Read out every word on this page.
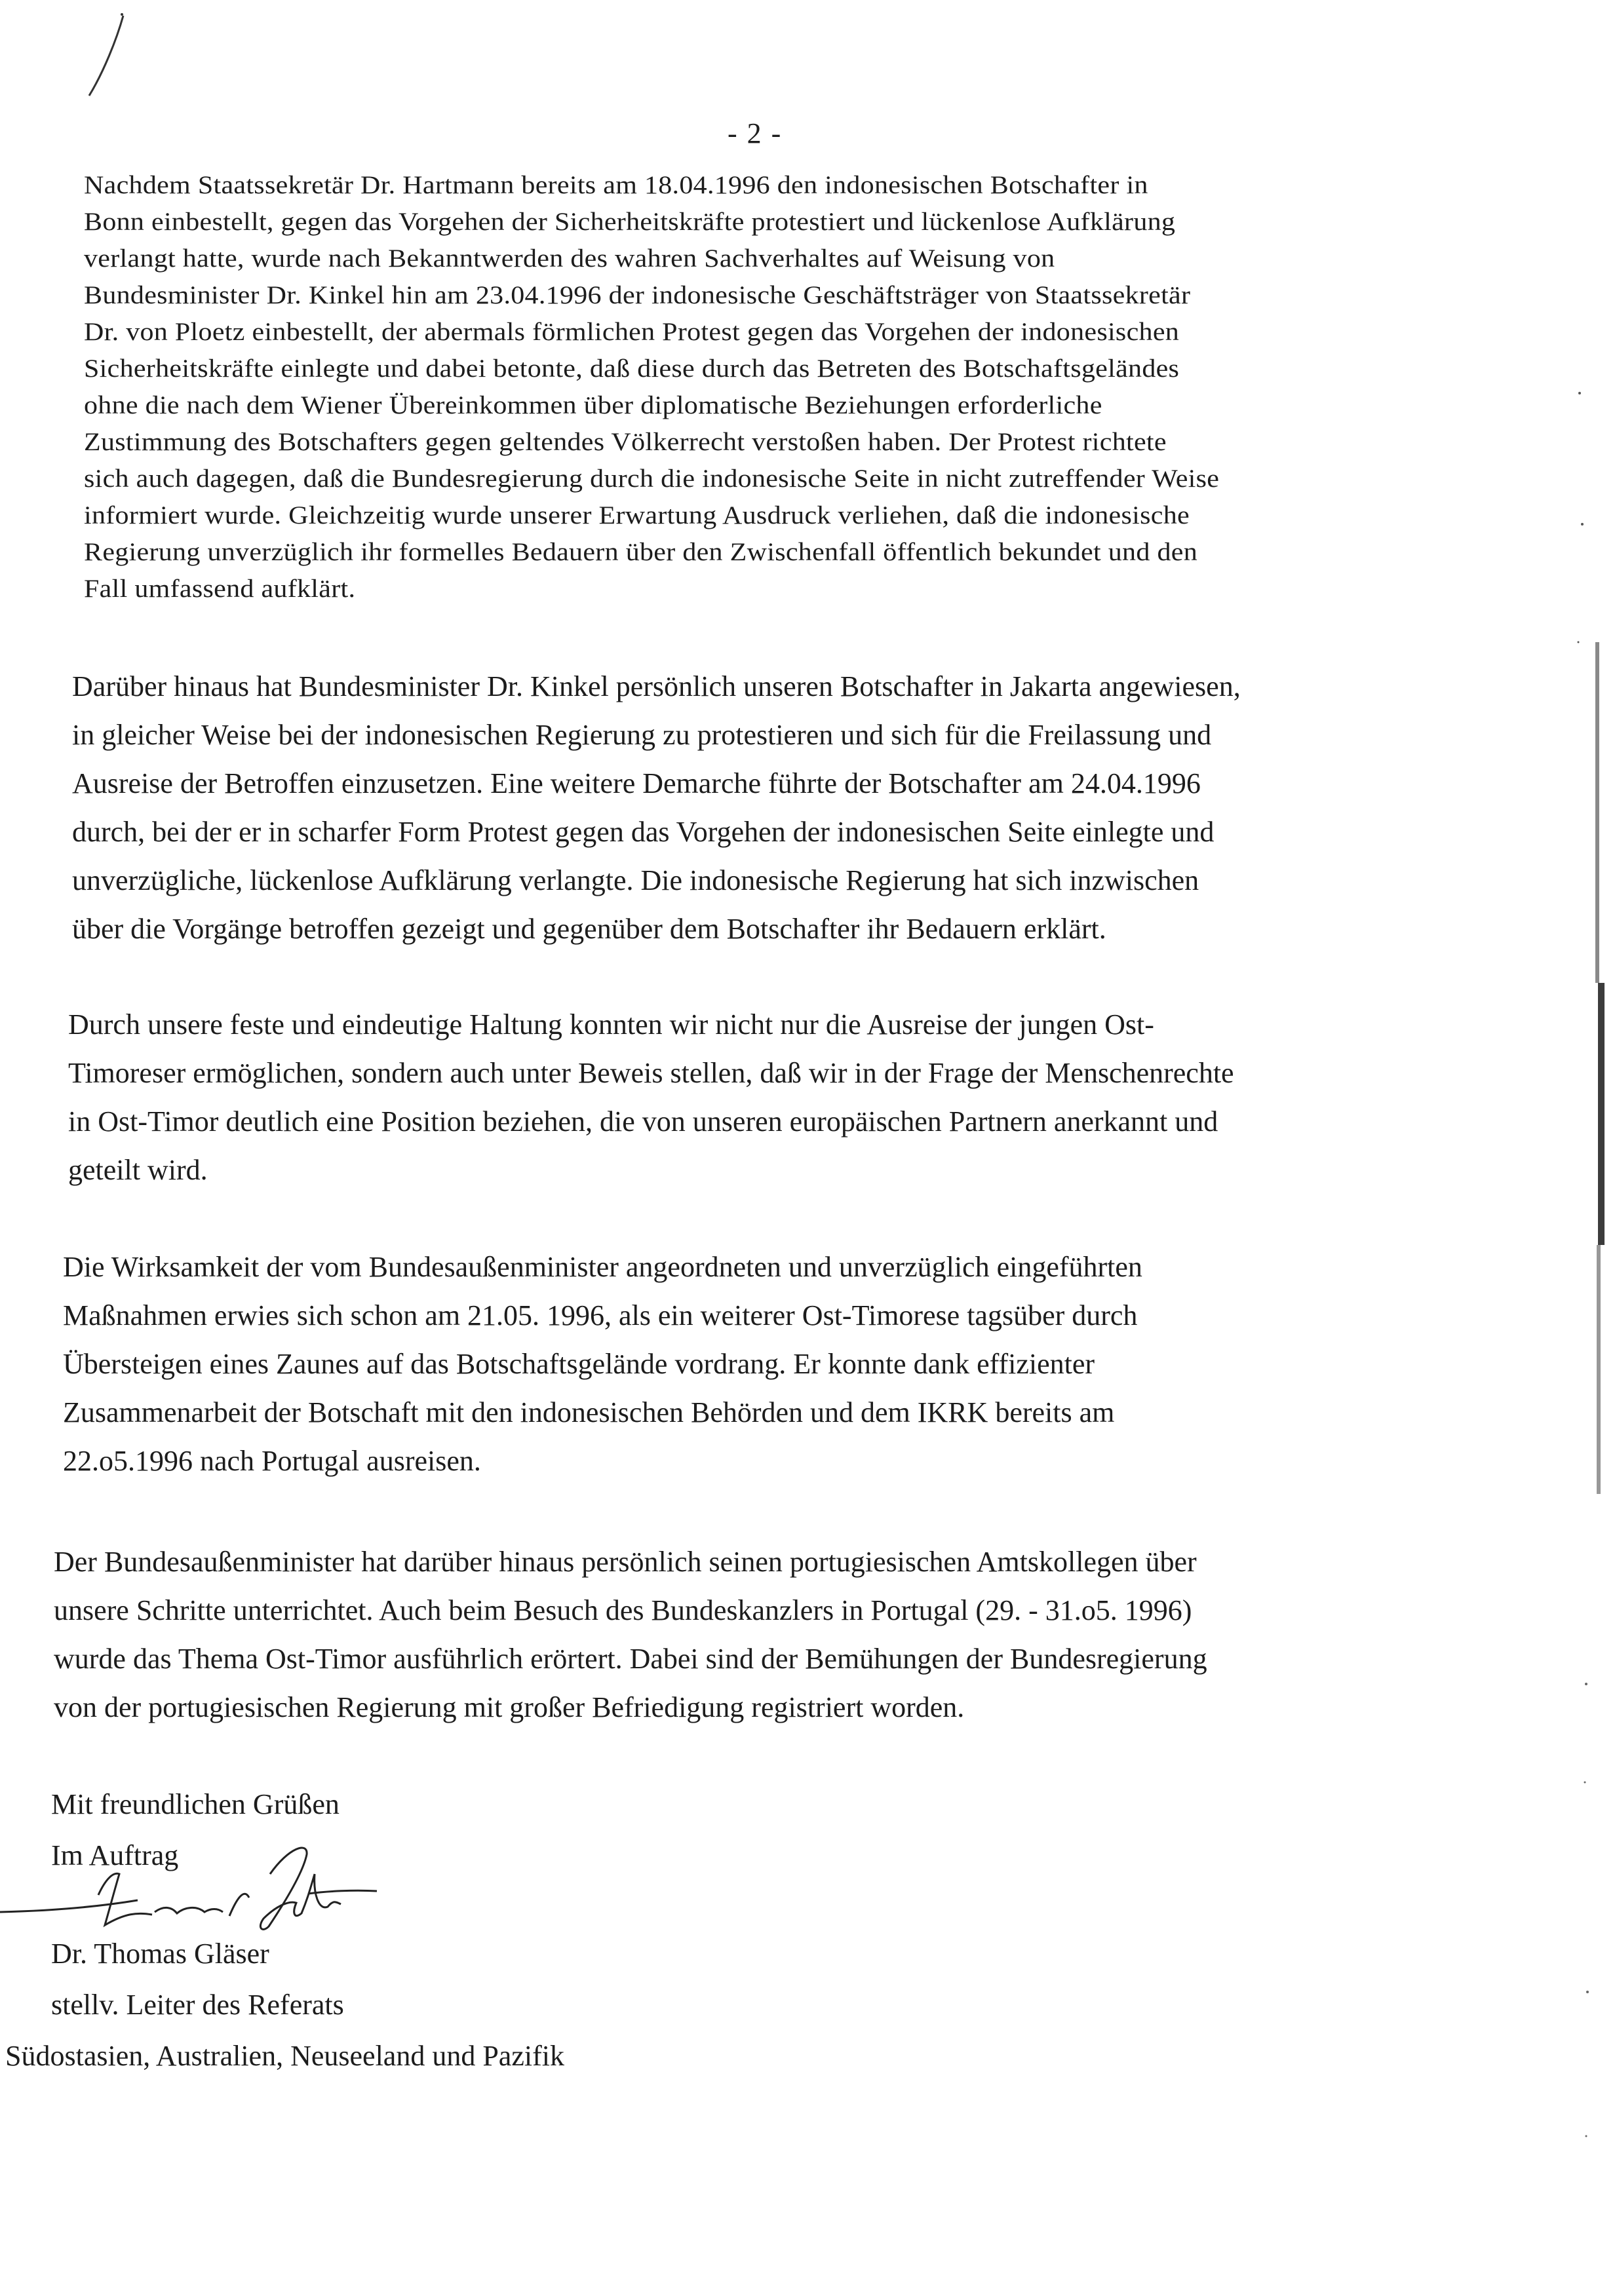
- 2 -
Nachdem Staatssekretär Dr. Hartmann bereits am 18.04.1996 den indonesischen Botschafter in
Bonn einbestellt, gegen das Vorgehen der Sicherheitskräfte protestiert und lückenlose Aufklärung
verlangt hatte, wurde nach Bekanntwerden des wahren Sachverhaltes auf Weisung von
Bundesminister Dr. Kinkel hin am 23.04.1996 der indonesische Geschäftsträger von Staatssekretär
Dr. von Ploetz einbestellt, der abermals förmlichen Protest gegen das Vorgehen der indonesischen
Sicherheitskräfte einlegte und dabei betonte, daß diese durch das Betreten des Botschaftsgeländes
ohne die nach dem Wiener Übereinkommen über diplomatische Beziehungen erforderliche
Zustimmung des Botschafters gegen geltendes Völkerrecht verstoßen haben. Der Protest richtete
sich auch dagegen, daß die Bundesregierung durch die indonesische Seite in nicht zutreffender Weise
informiert wurde. Gleichzeitig wurde unserer Erwartung Ausdruck verliehen, daß die indonesische
Regierung unverzüglich ihr formelles Bedauern über den Zwischenfall öffentlich bekundet und den
Fall umfassend aufklärt.
Darüber hinaus hat Bundesminister Dr. Kinkel persönlich unseren Botschafter in Jakarta angewiesen,
in gleicher Weise bei der indonesischen Regierung zu protestieren und sich für die Freilassung und
Ausreise der Betroffen einzusetzen. Eine weitere Demarche führte der Botschafter am 24.04.1996
durch, bei der er in scharfer Form Protest gegen das Vorgehen der indonesischen Seite einlegte und
unverzügliche, lückenlose Aufklärung verlangte. Die indonesische Regierung hat sich inzwischen
über die Vorgänge betroffen gezeigt und gegenüber dem Botschafter ihr Bedauern erklärt.
Durch unsere feste und eindeutige Haltung konnten wir nicht nur die Ausreise der jungen Ost-
Timoreser ermöglichen, sondern auch unter Beweis stellen, daß wir in der Frage der Menschenrechte
in Ost-Timor deutlich eine Position beziehen, die von unseren europäischen Partnern anerkannt und
geteilt wird.
Die Wirksamkeit der vom Bundesaußenminister angeordneten und unverzüglich eingeführten
Maßnahmen erwies sich schon am 21.05. 1996, als ein weiterer Ost-Timorese tagsüber durch
Übersteigen eines Zaunes auf das Botschaftsgelände vordrang. Er konnte dank effizienter
Zusammenarbeit der Botschaft mit den indonesischen Behörden und dem IKRK bereits am
22.o5.1996 nach Portugal ausreisen.
Der Bundesaußenminister hat darüber hinaus persönlich seinen portugiesischen Amtskollegen über
unsere Schritte unterrichtet. Auch beim Besuch des Bundeskanzlers in Portugal (29. - 31.o5. 1996)
wurde das Thema Ost-Timor ausführlich erörtert. Dabei sind der Bemühungen der Bundesregierung
von der portugiesischen Regierung mit großer Befriedigung registriert worden.
Mit freundlichen Grüßen
Im Auftrag
Dr. Thomas Gläser
stellv. Leiter des Referats
Südostasien, Australien, Neuseeland und Pazifik
